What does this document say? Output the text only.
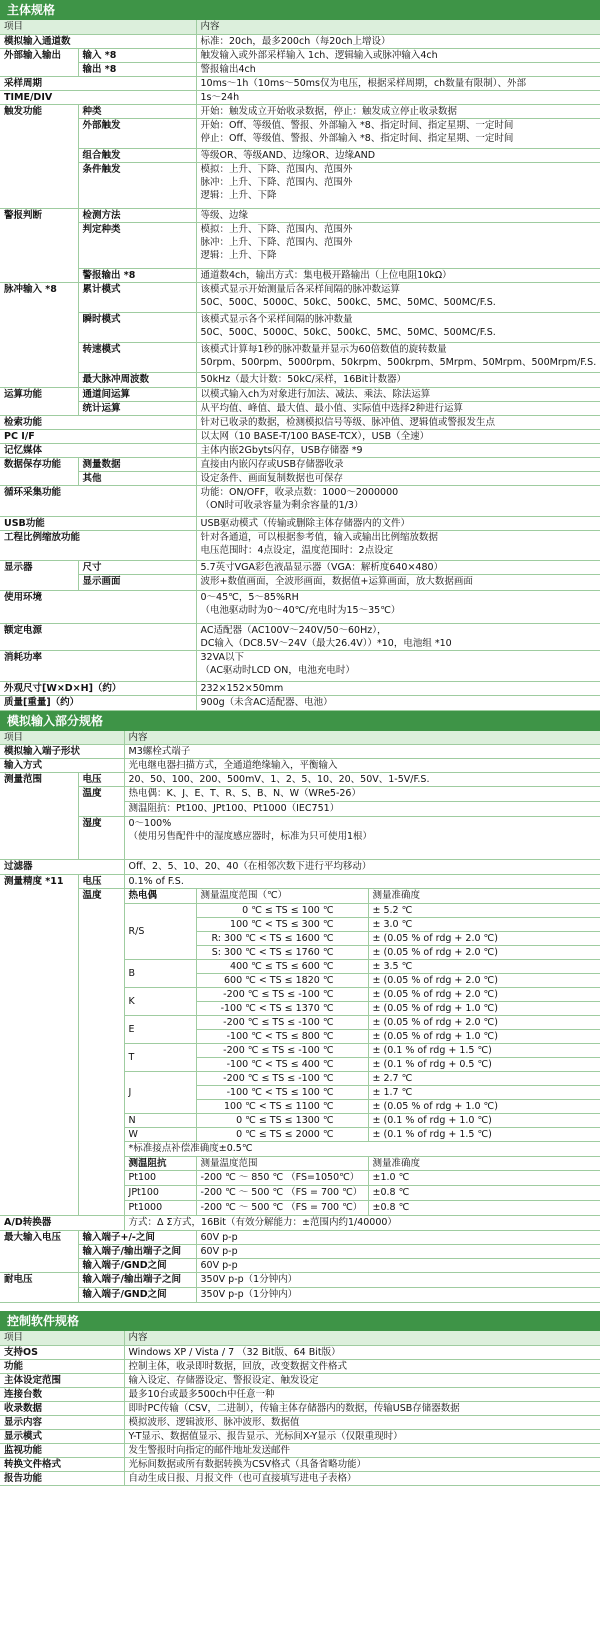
主体规格
项目		内容

模拟输入通道数		标准：20ch，最多200ch（每20ch上增设）

外部输入输出	输入 *8	触发输入或外部采样输入 1ch、逻辑输入或脉冲输入4ch

	输出 *8	警报输出4ch

采样周期		10ms～1h（10ms～50ms仅为电压，根据采样周期，ch数量有限制）、外部

TIME/DIV		1s～24h

触发功能	种类	开始：触发成立开始收录数据，停止：触发成立停止收录数据

	外部触发	开始：Off、等级值、警报、外部输入 *8、指定时间、指定星期、一定时间
停止：Off、等级值、警报、外部输入 *8、指定时间、指定星期、一定时间

	组合触发	等级OR、等级AND、边缘OR、边缘AND

	条件触发	模拟：上升、下降、范围内、范围外
脉冲：上升、下降、范围内、范围外
逻辑：上升、下降

警报判断	检测方法	等级、边缘

	判定种类	模拟：上升、下降、范围内、范围外
脉冲：上升、下降、范围内、范围外
逻辑：上升、下降

	警报输出 *8	通道数4ch，输出方式：集电极开路输出（上位电阻10kΩ）

脉冲输入 *8	累计模式	该模式显示开始测量后各采样间隔的脉冲数运算
50C、500C、5000C、50kC、500kC、5MC、50MC、500MC/F.S.

	瞬时模式	该模式显示各个采样间隔的脉冲数量
50C、500C、5000C、50kC、500kC、5MC、50MC、500MC/F.S.

	转速模式	该模式计算每1秒的脉冲数量并显示为60倍数值的旋转数量
50rpm、500rpm、5000rpm、50krpm、500krpm、5Mrpm、50Mrpm、500Mrpm/F.S.

	最大脉冲周波数	50kHz（最大计数：50kC/采样，16Bit计数器）

运算功能	通道间运算	以模式输入ch为对象进行加法、减法、乘法、除法运算

	统计运算	从平均值、峰值、最大值、最小值、实际值中选择2种进行运算

检索功能		针对已收录的数据，检测模拟信号等级、脉冲值、逻辑值或警报发生点

PC I/F		以太网（10 BASE-T/100 BASE-TCX），USB（全速）

记忆媒体		主体内嵌2Gbyts闪存，USB存储器 *9

数据保存功能	测量数据	直接由内嵌闪存或USB存储器收录

	其他	设定条件、画面复制数据也可保存

循环采集功能		功能：ON/OFF，收录点数：1000～2000000
（ON时可收录容量为剩余容量的1/3）

USB功能		USB驱动模式（传输或删除主体存储器内的文件）

工程比例缩放功能		针对各通道，可以根据参考值，输入或输出比例缩放数据
电压范围时：4点设定，温度范围时：2点设定

显示器	尺寸	5.7英寸VGA彩色液晶显示器（VGA：解析度640×480）

	显示画面	波形+数值画面，全波形画面，数据值+运算画面，放大数据画面

使用环境		0～45℃，5～85%RH
（电池驱动时为0～40℃/充电时为15～35℃）

额定电源		AC适配器（AC100V～240V/50～60Hz），
DC输入（DC8.5V～24V（最大26.4V））*10，电池组 *10

消耗功率		32VA以下
（AC驱动时LCD ON，电池充电时）

外观尺寸[W×D×H]（约）		232×152×50mm

质量[重量]（约）		900g（未含AC适配器、电池）
模拟输入部分规格
项目		内容		
模拟输入端子形状		M3螺栓式端子		
输入方式		光电继电器扫描方式，全通道绝缘输入，平衡输入		
测量范围	电压	20、50、100、200、500mV、1、2、5、10、20、50V、1-5V/F.S.		
	温度	热电偶：K、J、E、T、R、S、B、N、W（WRe5-26）		
		测温阻抗：Pt100、JPt100、Pt1000（IEC751）		
	湿度	0～100%
（使用另售配件中的湿度感应器时，标准为只可使用1根）		

过滤器		Off、2、5、10、20、40（在相邻次数下进行平均移动）		
测量精度 *11	电压	0.1% of F.S.		
	温度	热电偶	测量温度范围（℃）	测量准确度
		R/S	0 ℃ ≤ TS ≤ 100 ℃	± 5.2 ℃
			100 ℃ < TS ≤ 300 ℃	± 3.0 ℃
			R: 300 ℃ < TS ≤ 1600 ℃	± (0.05 % of rdg + 2.0 ℃)
			S: 300 ℃ < TS ≤ 1760 ℃	± (0.05 % of rdg + 2.0 ℃)
		B	400 ℃ ≤ TS ≤ 600 ℃	± 3.5 ℃
			600 ℃ < TS ≤ 1820 ℃	± (0.05 % of rdg + 2.0 ℃)
		K	-200 ℃ ≤ TS ≤ -100 ℃	± (0.05 % of rdg + 2.0 ℃)
			-100 ℃ < TS ≤ 1370 ℃	± (0.05 % of rdg + 1.0 ℃)
		E	-200 ℃ ≤ TS ≤ -100 ℃	± (0.05 % of rdg + 2.0 ℃)
			-100 ℃ < TS ≤ 800 ℃	± (0.05 % of rdg + 1.0 ℃)
		T	-200 ℃ ≤ TS ≤ -100 ℃	± (0.1 % of rdg + 1.5 ℃)
			-100 ℃ < TS ≤ 400 ℃	± (0.1 % of rdg + 0.5 ℃)
		J	-200 ℃ ≤ TS ≤ -100 ℃	± 2.7 ℃
			-100 ℃ < TS ≤ 100 ℃	± 1.7 ℃
			100 ℃ < TS ≤ 1100 ℃	± (0.05 % of rdg + 1.0 ℃)
		N	0 ℃ ≤ TS ≤ 1300 ℃	± (0.1 % of rdg + 1.0 ℃)
		W	0 ℃ ≤ TS ≤ 2000 ℃	± (0.1 % of rdg + 1.5 ℃)
		*标准接点补偿准确度±0.5℃		
		测温阻抗	测量温度范围	测量准确度
		Pt100	-200 ℃ ～ 850 ℃ （FS=1050℃）	±1.0 ℃
		JPt100	-200 ℃ ～ 500 ℃ （FS = 700 ℃）	±0.8 ℃
		Pt1000	-200 ℃ ～ 500 ℃ （FS = 700 ℃）	±0.8 ℃
A/D转换器		方式：Δ Σ方式，16Bit（有效分解能力：±范围内约1/40000）		
最大输入电压	输入端子+/-之间		60V p-p	
	输入端子/输出端子之间		60V p-p	
	输入端子/GND之间		60V p-p	
耐电压	输入端子/输出端子之间		350V p-p（1分钟内）	
	输入端子/GND之间		350V p-p（1分钟内）	
控制软件规格
项目	内容
支持OS	Windows XP / Vista / 7 （32 Bit版、64 Bit版）
功能	控制主体，收录即时数据，回放，改变数据文件格式
主体设定范围	输入设定、存储器设定、警报设定、触发设定
连接台数	最多10台或最多500ch中任意一种
收录数据	即时PC传输（CSV，二进制），传输主体存储器内的数据，传输USB存储器数据
显示内容	模拟波形、逻辑波形、脉冲波形、数据值
显示模式	Y-T显示、数据值显示、报告显示、光标间X-Y显示（仅限重现时）
监视功能	发生警报时向指定的邮件地址发送邮件
转换文件格式	光标间数据或所有数据转换为CSV格式（具备省略功能）
报告功能	自动生成日报、月报文件（也可直接填写进电子表格）
